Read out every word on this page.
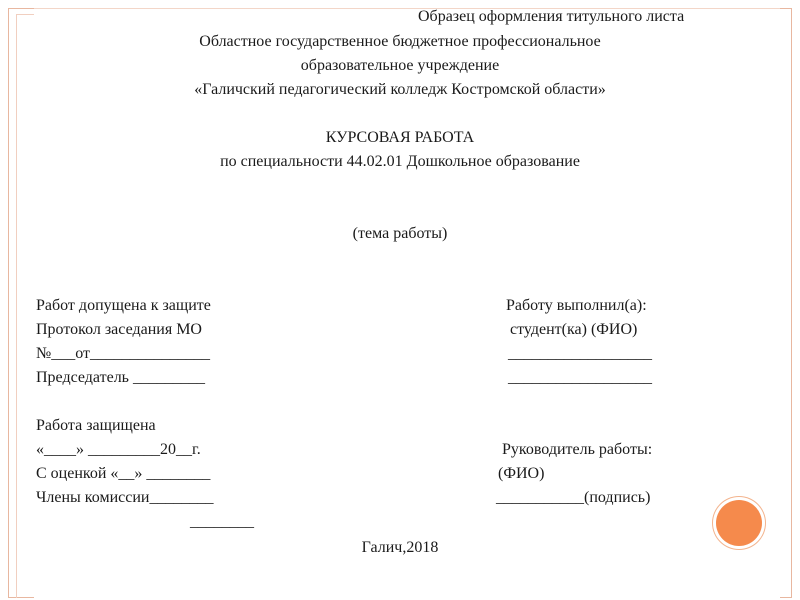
Образец оформления титульного листа
Областное государственное бюджетное профессиональное
образовательное учреждение
«Галичский педагогический колледж Костромской области»
КУРСОВАЯ РАБОТА
по специальности 44.02.01 Дошкольное образование
(тема работы)
Работ допущена к защите
Протокол заседания МО
№___от_______________
Председатель _________
Работа защищена
«____» _________20__г.
С оценкой «__» ________
Члены комиссии________
________
Работу выполнил(а):
студент(ка) (ФИО)
__________________
__________________
Руководитель работы:
(ФИО)
___________(подпись)
Галич,2018
